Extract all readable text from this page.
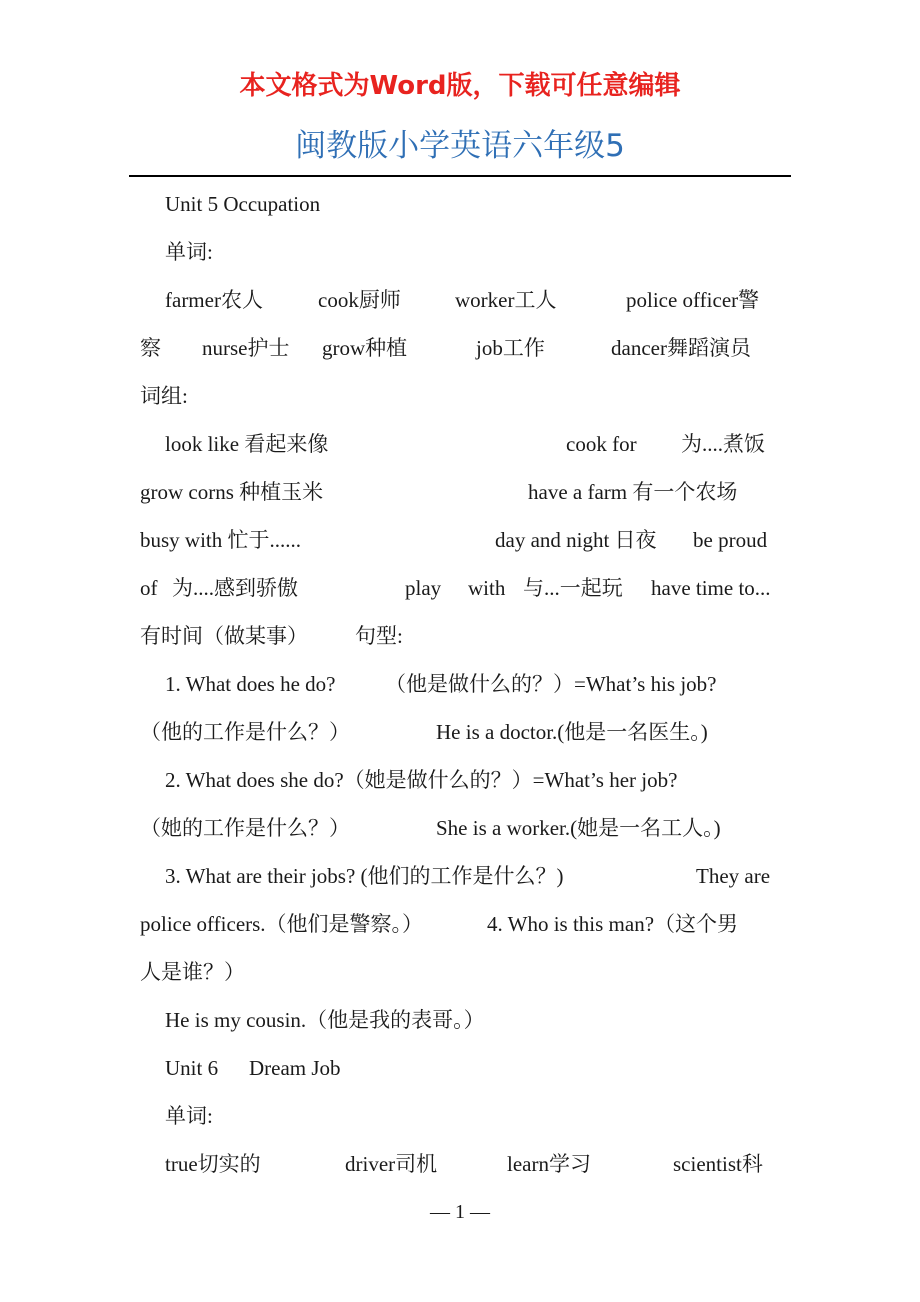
本文格式为Word版，下载可任意编辑
闽教版小学英语六年级5
Unit 5 Occupation
单词:
farmer农人	cook厨师	worker工人	police officer警
察 nurse护士 grow种植	job工作	dancer舞蹈演员
词组:
look like 看起来像	cook for 为....煮饭
grow corns 种植玉米	have a farm 有一个农场
busy with 忙于......	day and night 日夜 be proud
of 为....感到骄傲	play with 与...一起玩 have time to...
有时间（做某事） 句型:
1. What does he do? （他是做什么的？）=What’s his job?
（他的工作是什么？）	He is a doctor.(他是一名医生。)
2. What does she do?（她是做什么的？）=What’s her job?
（她的工作是什么？）	She is a worker.(她是一名工人。)
3. What are their jobs? (他们的工作是什么？)	They are
police officers.（他们是警察。）	4. Who is this man?（这个男
人是谁？）
He is my cousin.（他是我的表哥。）
Unit 6 Dream Job
单词:
true切实的	driver司机	learn学习	scientist科
— 1 —
